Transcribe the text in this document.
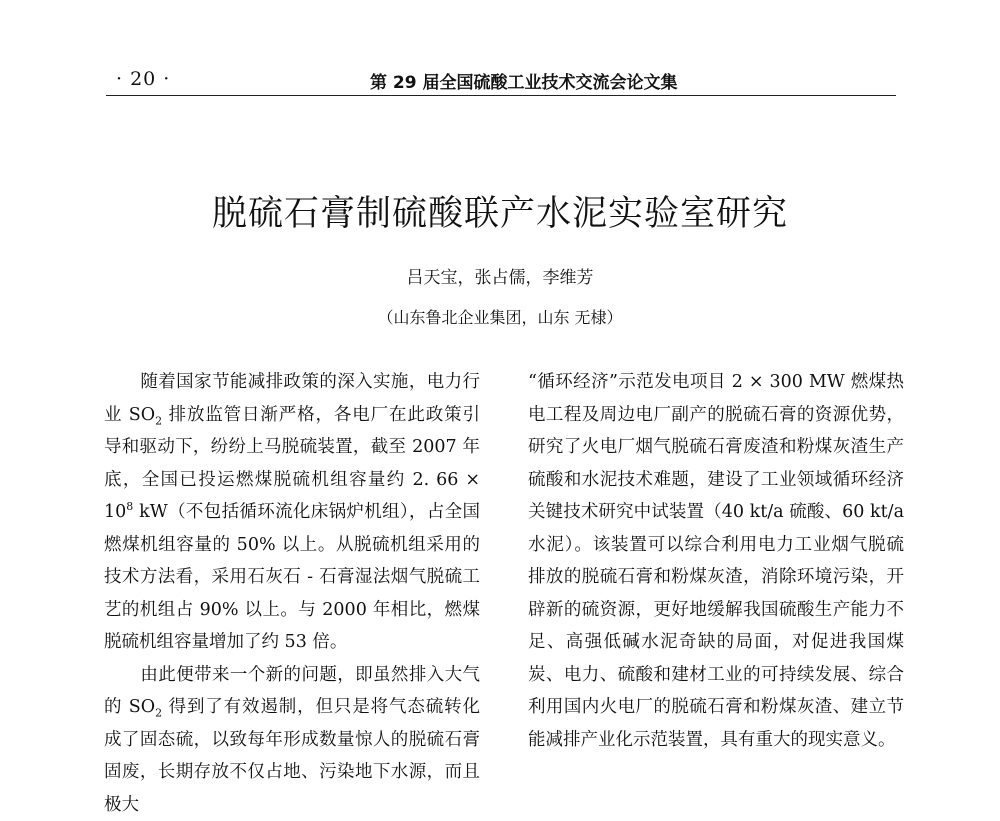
· 20 ·	第 29 届全国硫酸工业技术交流会论文集
脱硫石膏制硫酸联产水泥实验室研究
吕天宝，张占儒，李维芳
（山东鲁北企业集团，山东 无棣）

随着国家节能减排政策的深入实施，电力行业 $SO_2$ 排放监管日渐严格，各电厂在此政策引导和驱动下，纷纷上马脱硫装置，截至 2007 年底，全国已投运燃煤脱硫机组容量约 2. $66 \times 10^8$ kW（不包括循环流化床锅炉机组），占全国燃煤机组容量的 50% 以上。从脱硫机组采用的技术方法看，采用石灰石 - 石膏湿法烟气脱硫工艺的机组占 90% 以上。与 2000 年相比，燃煤脱硫机组容量增加了约 53 倍。

由此便带来一个新的问题，即虽然排入大气的 $SO_2$ 得到了有效遏制，但只是将气态硫转化成了固态硫，以致每年形成数量惊人的脱硫石膏固废，长期存放不仅占地、污染地下水源，而且极大

“循环经济”示范发电项目 2 × 300 MW 燃煤热电工程及周边电厂副产的脱硫石膏的资源优势，研究了火电厂烟气脱硫石膏废渣和粉煤灰渣生产硫酸和水泥技术难题，建设了工业领域循环经济关键技术研究中试装置（40 kt/a 硫酸、60 kt/a 水泥）。该装置可以综合利用电力工业烟气脱硫排放的脱硫石膏和粉煤灰渣，消除环境污染，开辟新的硫资源，更好地缓解我国硫酸生产能力不足、高强低碱水泥奇缺的局面，对促进我国煤炭、电力、硫酸和建材工业的可持续发展、综合利用国内火电厂的脱硫石膏和粉煤灰渣、建立节能减排产业化示范装置，具有重大的现实意义。
